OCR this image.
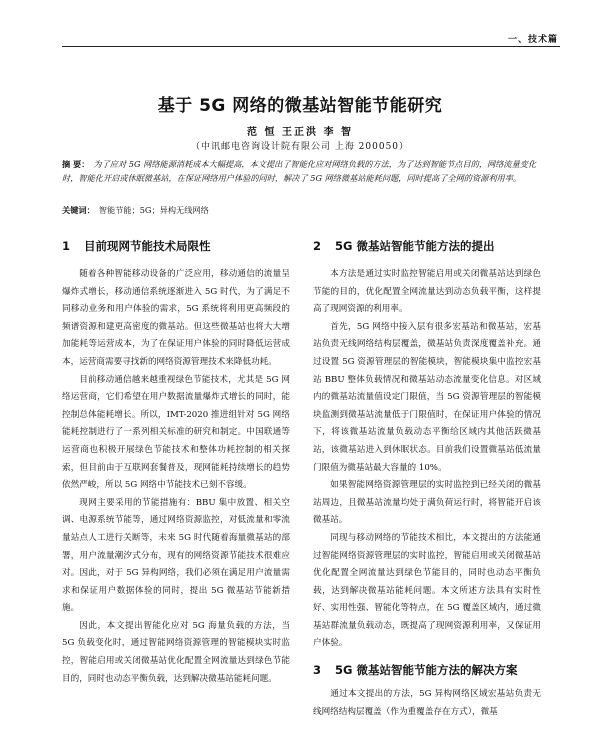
一、技术篇
基于 5G 网络的微基站智能节能研究
范 恒 王正洪 李 智
（中讯邮电咨询设计院有限公司 上海 200050）
摘 要： 为了应对 5G 网络能源消耗成本大幅提高，本文提出了智能化应对网络负载的方法，为了达到智能节点目的，网络流量变化时，智能化开启或休眠微基站，在保证网络用户体验的同时，解决了 5G 网络微基站能耗问题，同时提高了全网的资源利用率。
关键词： 智能节能；5G；异构无线网络
1 目前现网节能技术局限性

随着各种智能移动设备的广泛应用，移动通信的流量呈爆炸式增长，移动通信系统逐渐进入 5G 时代，为了满足不同移动业务和用户体验的需求，5G 系统将利用更高频段的频谱资源和建更高密度的微基站。但这些微基站也将大大增加能耗等运营成本，为了在保证用户体验的同时降低运营成本，运营商需要寻找新的网络资源管理技术来降低功耗。

目前移动通信越来越重视绿色节能技术，尤其是 5G 网络运营商，它们希望在用户数据流量爆炸式增长的同时，能控制总体能耗增长。所以，IMT-2020 推进组针对 5G 网络能耗控制进行了一系列相关标准的研究和制定。中国联通等运营商也积极开展绿色节能技术和整体功耗控制的相关探索，但目前由于互联网套餐普及，现网能耗持续增长的趋势依然严峻，所以 5G 网络中节能技术已刻不容缓。

现网主要采用的节能措施有：BBU 集中放置、相关空调、电源系统节能等，通过网络资源监控，对低流量和零流量站点人工进行关断等，未来 5G 时代随着海量微基站的部署，用户流量潮汐式分布，现有的网络资源节能技术很难应对。因此，对于 5G 异构网络，我们必须在满足用户流量需求和保证用户数据体验的同时，提出 5G 微基站节能新措施。

因此，本文提出智能化应对 5G 海量负载的方法，当 5G 负载变化时，通过智能网络资源管理的智能模块实时监控，智能启用或关闭微基站优化配置全网流量达到绿色节能目的，同时也动态平衡负载，达到解决微基站能耗问题。

2 5G 微基站智能节能方法的提出

本方法是通过实时监控智能启用或关闭微基站达到绿色节能的目的，优化配置全网流量达到动态负载平衡，这样提高了现网资源的利用率。

首先，5G 网络中接入层有很多宏基站和微基站，宏基站负责无线网络结构层覆盖，微基站负责深度覆盖补充。通过设置 5G 资源管理层的智能模块，智能模块集中监控宏基站 BBU 整体负载情况和微基站动态流量变化信息。对区域内的微基站流量值设定门限值，当 5G 资源管理层的智能模块监测到微基站流量低于门限值时，在保证用户体验的情况下，将该微基站流量负载动态平衡给区域内其他活跃微基站，该微基站进入到休眠状态。目前我们设置微基站低流量门限值为微基站最大容量的 10%。

如果智能网络资源管理层的实时监控到已经关闭的微基站周边，且微基站流量均处于满负荷运行时，将智能开启该微基站。

同现与移动网络的节能技术相比，本文提出的方法能通过智能网络资源管理层的实时监控，智能启用或关闭微基站优化配置全网流量达到绿色节能目的，同时也动态平衡负载，达到解决微基站能耗问题。本文所述方法具有实时性好、实用性强、智能化等特点，在 5G 覆盖区域内，通过微基站群流量负载动态，既提高了现网资源利用率，又保证用户体验。

3 5G 微基站智能节能方法的解决方案

通过本文提出的方法，5G 异构网络区域宏基站负责无线网络结构层覆盖（作为重覆盖存在方式），微基
